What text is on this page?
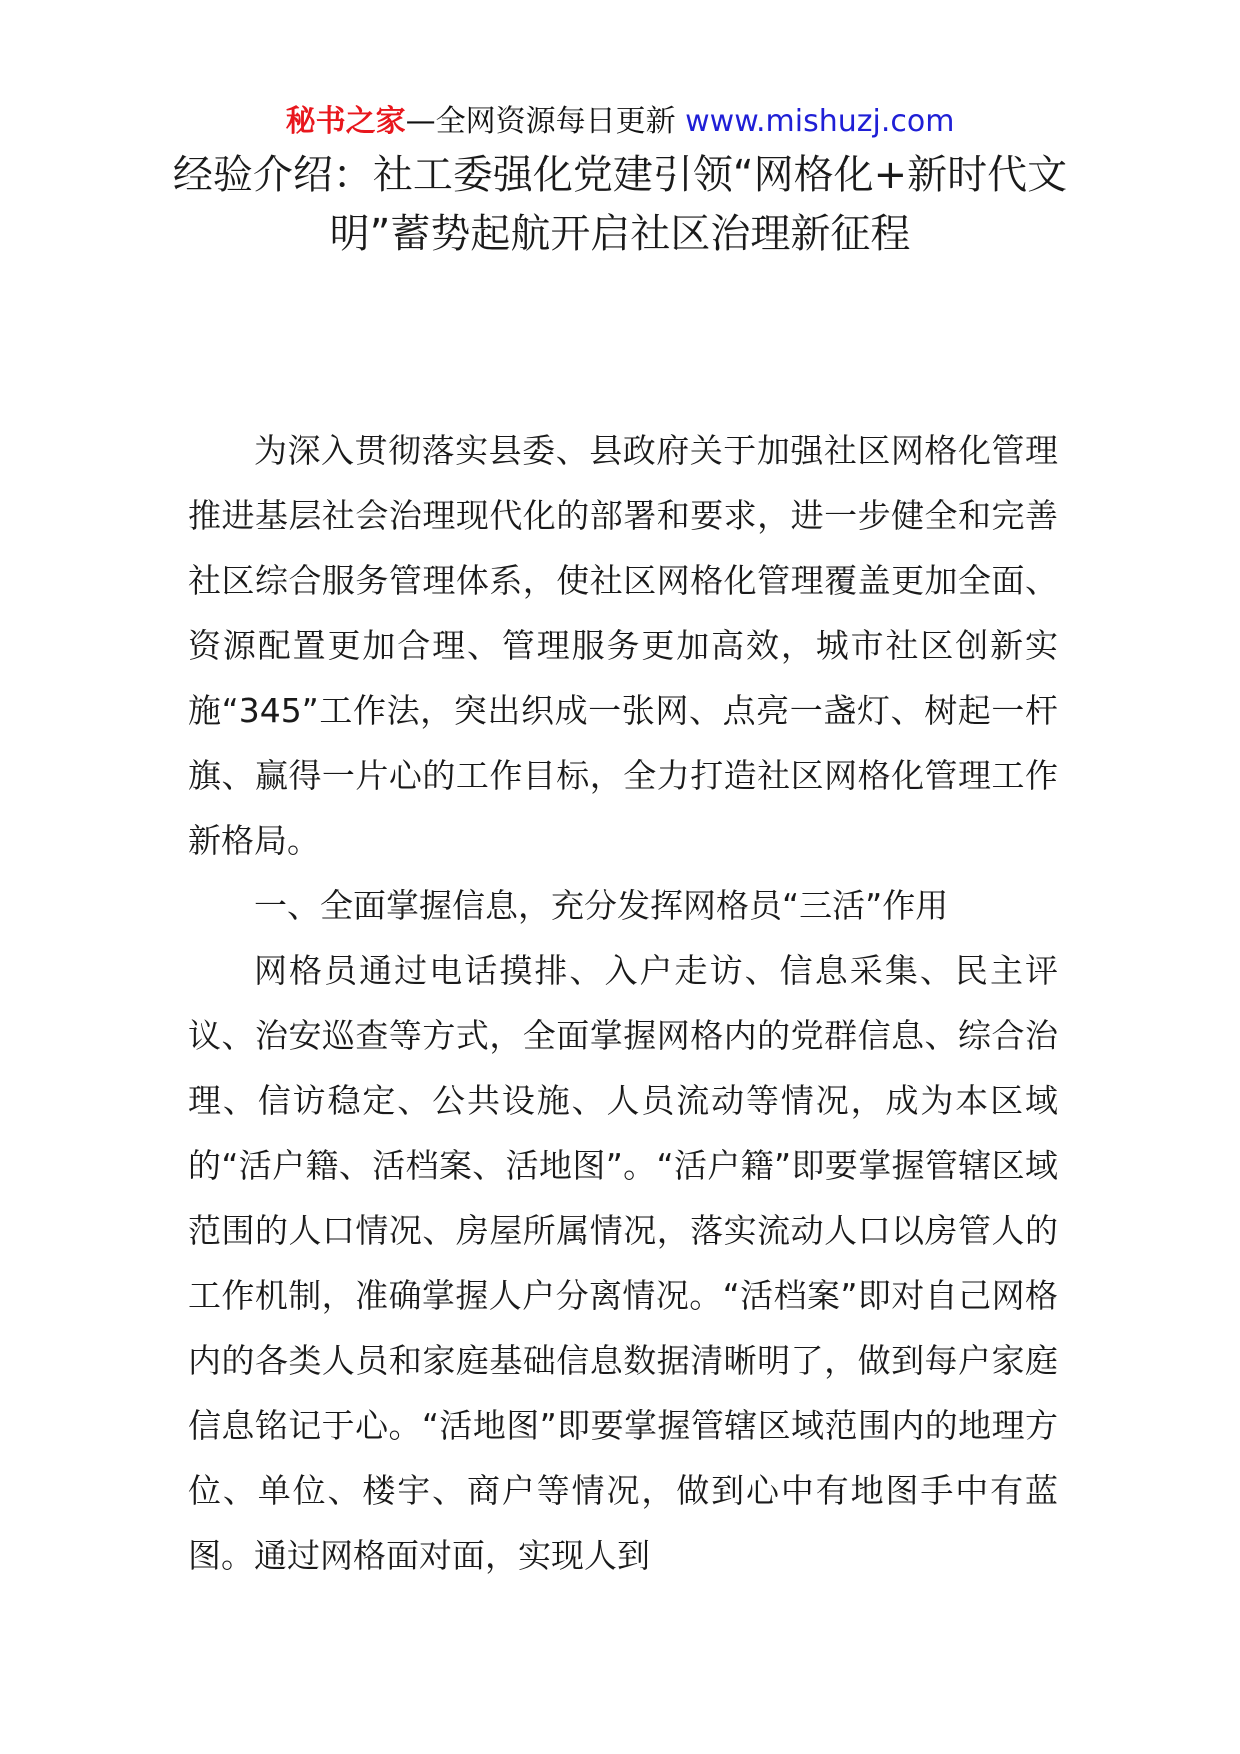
秘书之家—全网资源每日更新 www.mishuzj.com
经验介绍：社工委强化党建引领“网格化+新时代文明”蓄势起航开启社区治理新征程

为深入贯彻落实县委、县政府关于加强社区网格化管理推进基层社会治理现代化的部署和要求，进一步健全和完善社区综合服务管理体系，使社区网格化管理覆盖更加全面、资源配置更加合理、管理服务更加高效，城市社区创新实施“345”工作法，突出织成一张网、点亮一盏灯、树起一杆旗、赢得一片心的工作目标，全力打造社区网格化管理工作新格局。

一、全面掌握信息，充分发挥网格员“三活”作用

网格员通过电话摸排、入户走访、信息采集、民主评议、治安巡查等方式，全面掌握网格内的党群信息、综合治理、信访稳定、公共设施、人员流动等情况，成为本区域的“活户籍、活档案、活地图”。“活户籍”即要掌握管辖区域范围的人口情况、房屋所属情况，落实流动人口以房管人的工作机制，准确掌握人户分离情况。“活档案”即对自己网格内的各类人员和家庭基础信息数据清晰明了，做到每户家庭信息铭记于心。“活地图”即要掌握管辖区域范围内的地理方位、单位、楼宇、商户等情况，做到心中有地图手中有蓝图。通过网格面对面，实现人到
